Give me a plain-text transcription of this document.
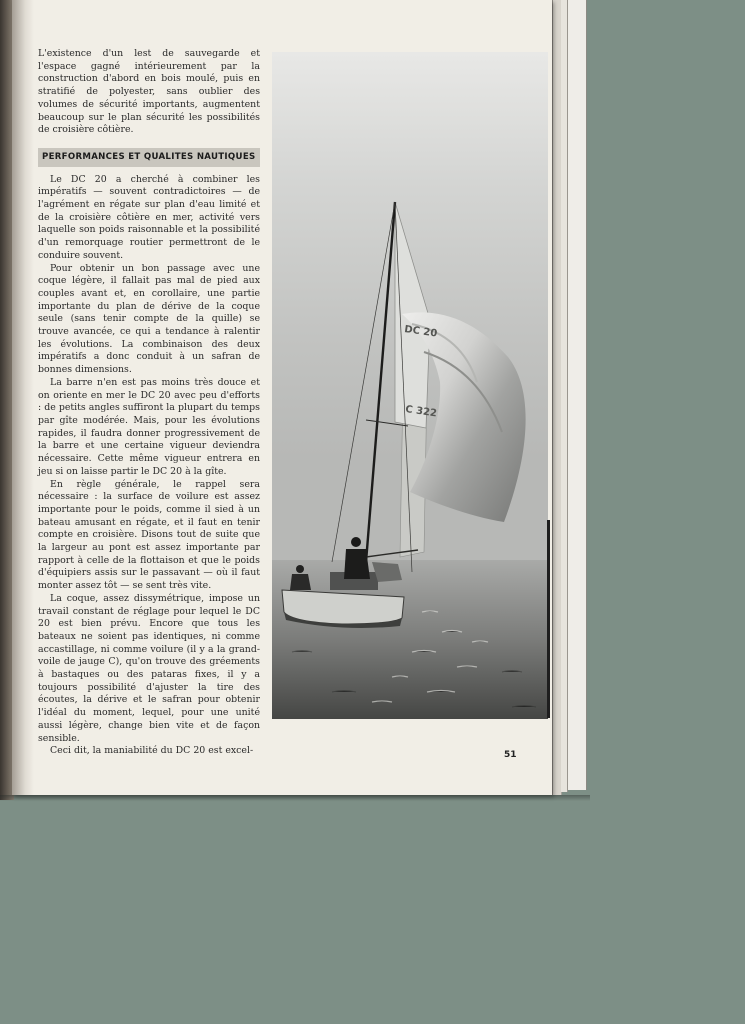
L'existence d'un lest de sauvegarde et l'espace gagné intérieurement par la construction d'abord en bois moulé, puis en stratifié de polyester, sans oublier des volumes de sécurité importants, augmentent beaucoup sur le plan sécurité les possibilités de croisière côtière.

PERFORMANCES ET QUALITES NAUTIQUES

Le DC 20 a cherché à combiner les impératifs — souvent contradictoires — de l'agrément en régate sur plan d'eau limité et de la croisière côtière en mer, activité vers laquelle son poids raisonnable et la possibilité d'un remorquage routier permettront de le conduire souvent.

Pour obtenir un bon passage avec une coque légère, il fallait pas mal de pied aux couples avant et, en corollaire, une partie importante du plan de dérive de la coque seule (sans tenir compte de la quille) se trouve avancée, ce qui a tendance à ralentir les évolutions. La combinaison des deux impératifs a donc conduit à un safran de bonnes dimensions.

La barre n'en est pas moins très douce et on oriente en mer le DC 20 avec peu d'efforts : de petits angles suffiront la plupart du temps par gîte modérée. Mais, pour les évolutions rapides, il faudra donner progressivement de la barre et une certaine vigueur deviendra nécessaire. Cette même vigueur entrera en jeu si on laisse partir le DC 20 à la gîte.

En règle générale, le rappel sera nécessaire : la surface de voilure est assez importante pour le poids, comme il sied à un bateau amusant en régate, et il faut en tenir compte en croisière. Disons tout de suite que la largeur au pont est assez importante par rapport à celle de la flottaison et que le poids d'équipiers assis sur le passavant — où il faut monter assez tôt — se sent très vite.

La coque, assez dissymétrique, impose un travail constant de réglage pour lequel le DC 20 est bien prévu. Encore que tous les bateaux ne soient pas identiques, ni comme accastillage, ni comme voilure (il y a la grand-voile de jauge C), qu'on trouve des gréements à bastaques ou des pataras fixes, il y a toujours possibilité d'ajuster la tire des écoutes, la dérive et le safran pour obtenir l'idéal du moment, lequel, pour une unité aussi légère, change bien vite et de façon sensible.

Ceci dit, la maniabilité du DC 20 est excel-

DC 20
C 322
51
